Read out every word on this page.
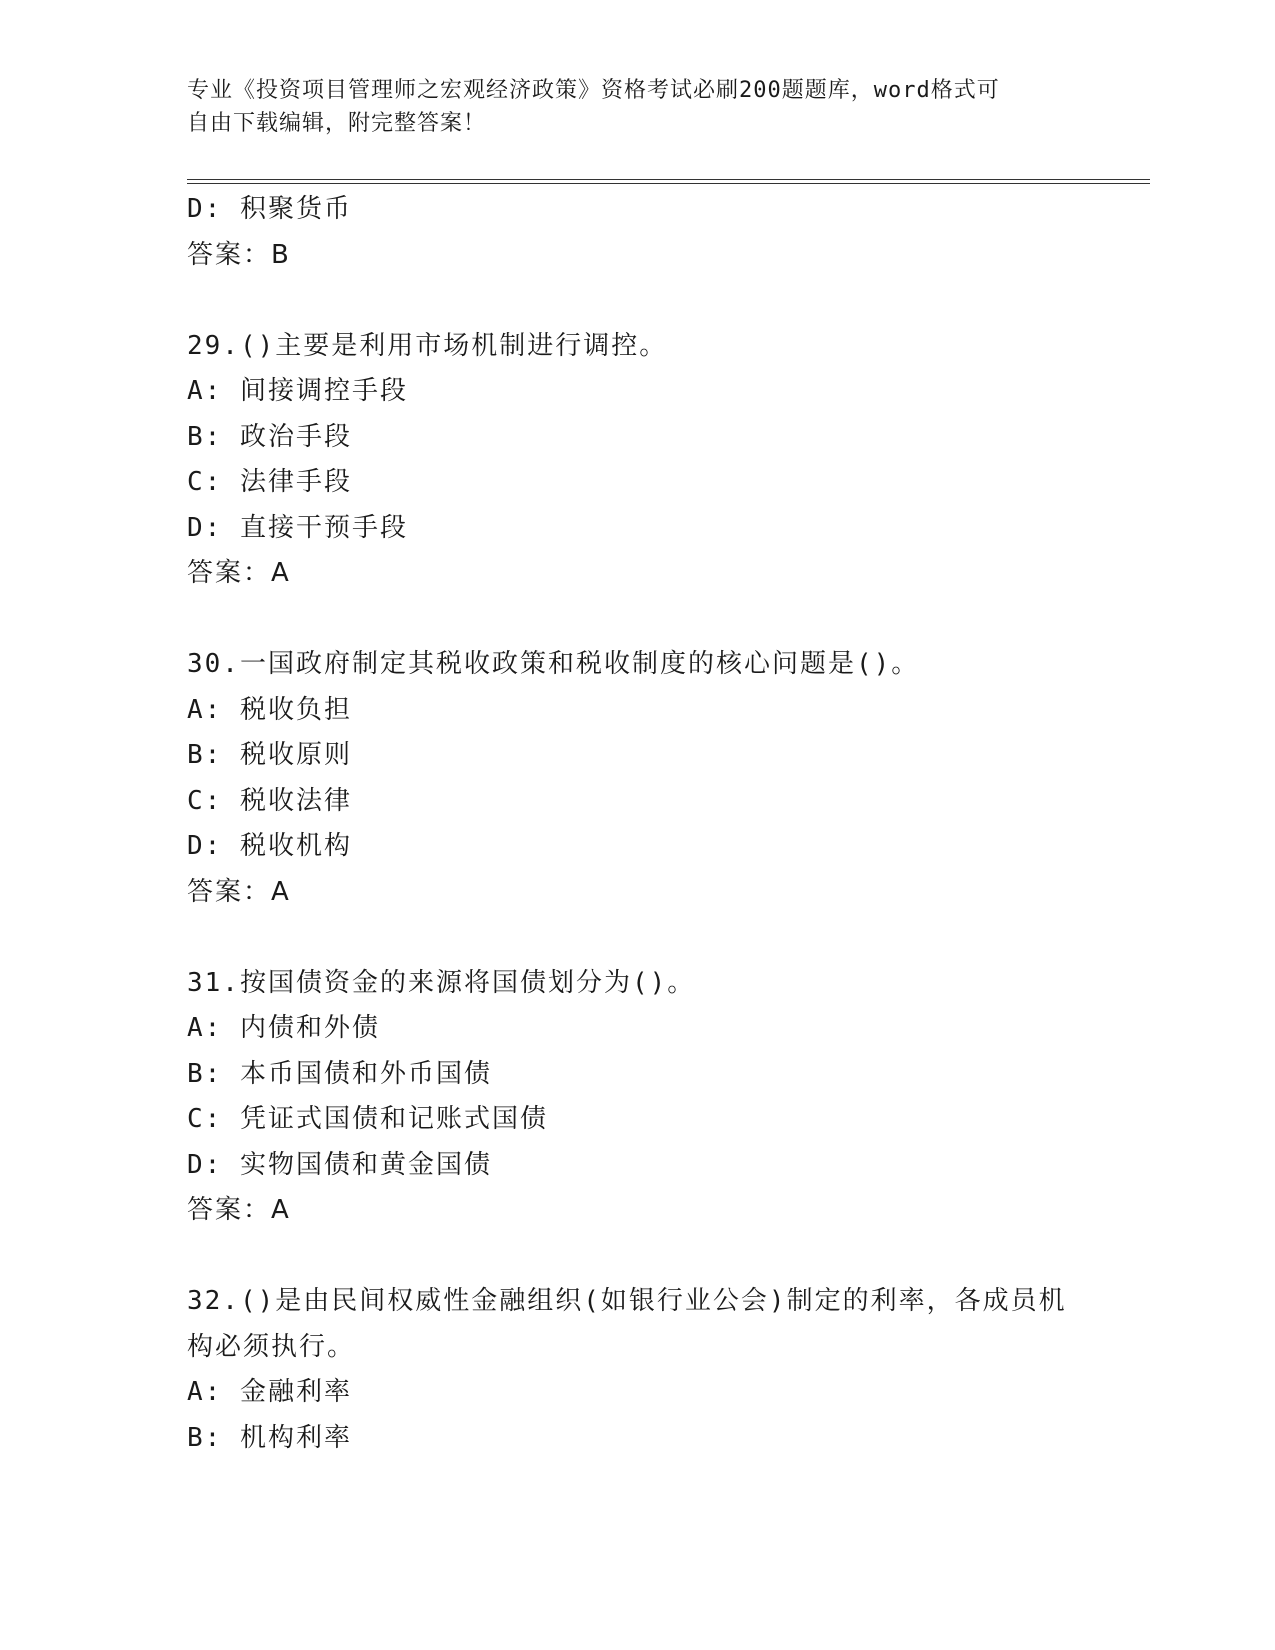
专业《投资项目管理师之宏观经济政策》资格考试必刷200题题库，word格式可
自由下载编辑，附完整答案！
D: 积聚货币
答案：B
29.()主要是利用市场机制进行调控。
A: 间接调控手段
B: 政治手段
C: 法律手段
D: 直接干预手段
答案：A
30.一国政府制定其税收政策和税收制度的核心问题是()。
A: 税收负担
B: 税收原则
C: 税收法律
D: 税收机构
答案：A
31.按国债资金的来源将国债划分为()。
A: 内债和外债
B: 本币国债和外币国债
C: 凭证式国债和记账式国债
D: 实物国债和黄金国债
答案：A
32.()是由民间权威性金融组织(如银行业公会)制定的利率，各成员机
构必须执行。
A: 金融利率
B: 机构利率
